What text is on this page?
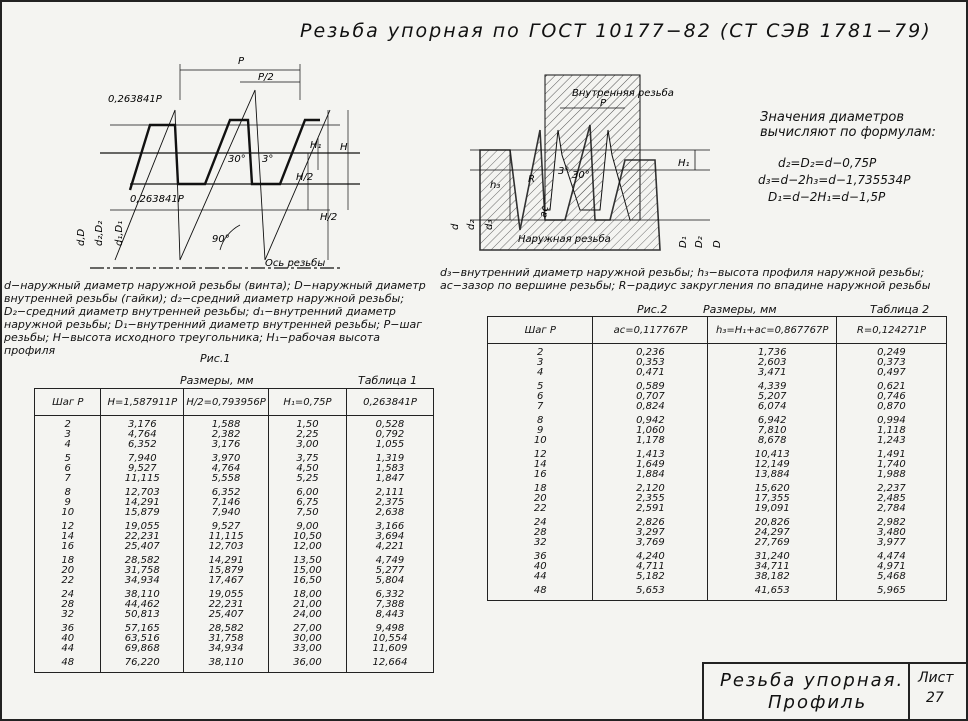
Резьба упорная по ГОСТ 10177−82 (СТ СЭВ 1781−79)
P
P/2
0,263841P
0,263841P
30° 3°
90°
H₁
H/2
H/2
H
d,D d₂,D₂ d₁,D₁
Ось резьбы
d−наружный диаметр наружной резьбы (винта); D−наружный диаметр внутренней резьбы (гайки); d₂−средний диаметр наружной резьбы; D₂−средний диаметр внутренней резьбы; d₁−внутренний диаметр наружной резьбы; D₁−внутренний диаметр внутренней резьбы; P−шаг резьбы; H−высота исходного треугольника; H₁−рабочая высота профиля
Рис.1
Внутренняя резьба
Наружная резьба
P
R
aᴄ
30°
3°
H₁
h₃
d d₂ d₃
D₁ D₂ D
Значения диаметров
вычисляют по формулам:
d₂=D₂=d−0,75P
d₃=d−2h₃=d−1,735534P
D₁=d−2H₁=d−1,5P
d₃−внутренний диаметр наружной резьбы; h₃−высота профиля наружной резьбы; aᴄ−зазор по вершине резьбы; R−радиус закругления по впадине наружной резьбы
Рис.2	Размеры, мм	Таблица 2
Размеры, мм	Таблица 1
Шаг P	H=1,587911P	H/2=0,793956P	H₁=0,75P	0,263841P
2	3,176	1,588	1,50	0,528
3	4,764	2,382	2,25	0,792
4	6,352	3,176	3,00	1,055
5	7,940	3,970	3,75	1,319
6	9,527	4,764	4,50	1,583
7	11,115	5,558	5,25	1,847
8	12,703	6,352	6,00	2,111
9	14,291	7,146	6,75	2,375
10	15,879	7,940	7,50	2,638
12	19,055	9,527	9,00	3,166
14	22,231	11,115	10,50	3,694
16	25,407	12,703	12,00	4,221
18	28,582	14,291	13,50	4,749
20	31,758	15,879	15,00	5,277
22	34,934	17,467	16,50	5,804
24	38,110	19,055	18,00	6,332
28	44,462	22,231	21,00	7,388
32	50,813	25,407	24,00	8,443
36	57,165	28,582	27,00	9,498
40	63,516	31,758	30,00	10,554
44	69,868	34,934	33,00	11,609
48	76,220	38,110	36,00	12,664
Шаг P	aᴄ=0,117767P	h₃=H₁+aᴄ=0,867767P	R=0,124271P
2	0,236	1,736	0,249
3	0,353	2,603	0,373
4	0,471	3,471	0,497
5	0,589	4,339	0,621
6	0,707	5,207	0,746
7	0,824	6,074	0,870
8	0,942	6,942	0,994
9	1,060	7,810	1,118
10	1,178	8,678	1,243
12	1,413	10,413	1,491
14	1,649	12,149	1,740
16	1,884	13,884	1,988
18	2,120	15,620	2,237
20	2,355	17,355	2,485
22	2,591	19,091	2,784
24	2,826	20,826	2,982
28	3,297	24,297	3,480
32	3,769	27,769	3,977
36	4,240	31,240	4,474
40	4,711	34,711	4,971
44	5,182	38,182	5,468
48	5,653	41,653	5,965
Резьба упорная.
Профиль
Лист
27
